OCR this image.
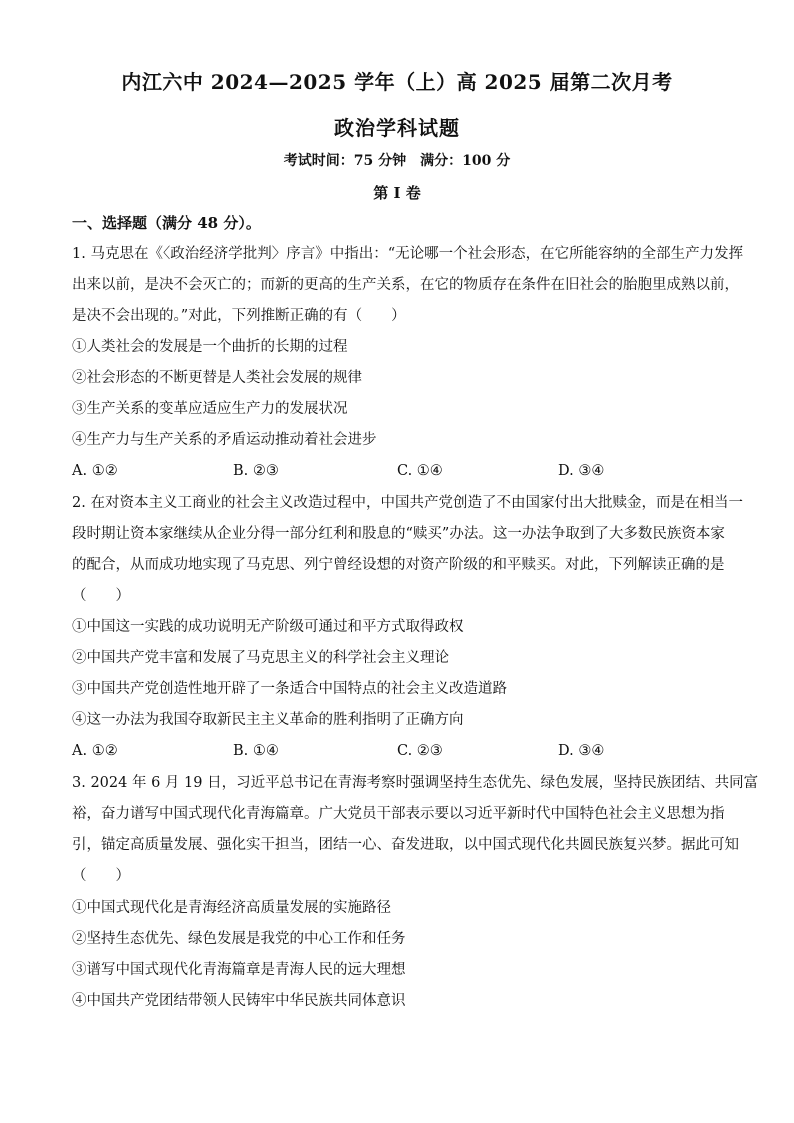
内江六中 2024—2025 学年（上）高 2025 届第二次月考
政治学科试题
考试时间：75 分钟　满分：100 分
第 I 卷
一、选择题（满分 48 分）。
1. 马克思在《〈政治经济学批判〉序言》中指出：“无论哪一个社会形态，在它所能容纳的全部生产力发挥
出来以前，是决不会灭亡的；而新的更高的生产关系，在它的物质存在条件在旧社会的胎胞里成熟以前，
是决不会出现的。”对此，下列推断正确的有（　　）
①人类社会的发展是一个曲折的长期的过程
②社会形态的不断更替是人类社会发展的规律
③生产关系的变革应适应生产力的发展状况
④生产力与生产关系的矛盾运动推动着社会进步
A. ①②	B. ②③	C. ①④	D. ③④
2. 在对资本主义工商业的社会主义改造过程中，中国共产党创造了不由国家付出大批赎金，而是在相当一
段时期让资本家继续从企业分得一部分红利和股息的“赎买”办法。这一办法争取到了大多数民族资本家
的配合，从而成功地实现了马克思、列宁曾经设想的对资产阶级的和平赎买。对此，下列解读正确的是
（　　）
①中国这一实践的成功说明无产阶级可通过和平方式取得政权
②中国共产党丰富和发展了马克思主义的科学社会主义理论
③中国共产党创造性地开辟了一条适合中国特点的社会主义改造道路
④这一办法为我国夺取新民主主义革命的胜利指明了正确方向
A. ①②	B. ①④	C. ②③	D. ③④
3. 2024 年 6 月 19 日，习近平总书记在青海考察时强调坚持生态优先、绿色发展，坚持民族团结、共同富
裕，奋力谱写中国式现代化青海篇章。广大党员干部表示要以习近平新时代中国特色社会主义思想为指
引，锚定高质量发展、强化实干担当，团结一心、奋发进取，以中国式现代化共圆民族复兴梦。据此可知
（　　）
①中国式现代化是青海经济高质量发展的实施路径
②坚持生态优先、绿色发展是我党的中心工作和任务
③谱写中国式现代化青海篇章是青海人民的远大理想
④中国共产党团结带领人民铸牢中华民族共同体意识
